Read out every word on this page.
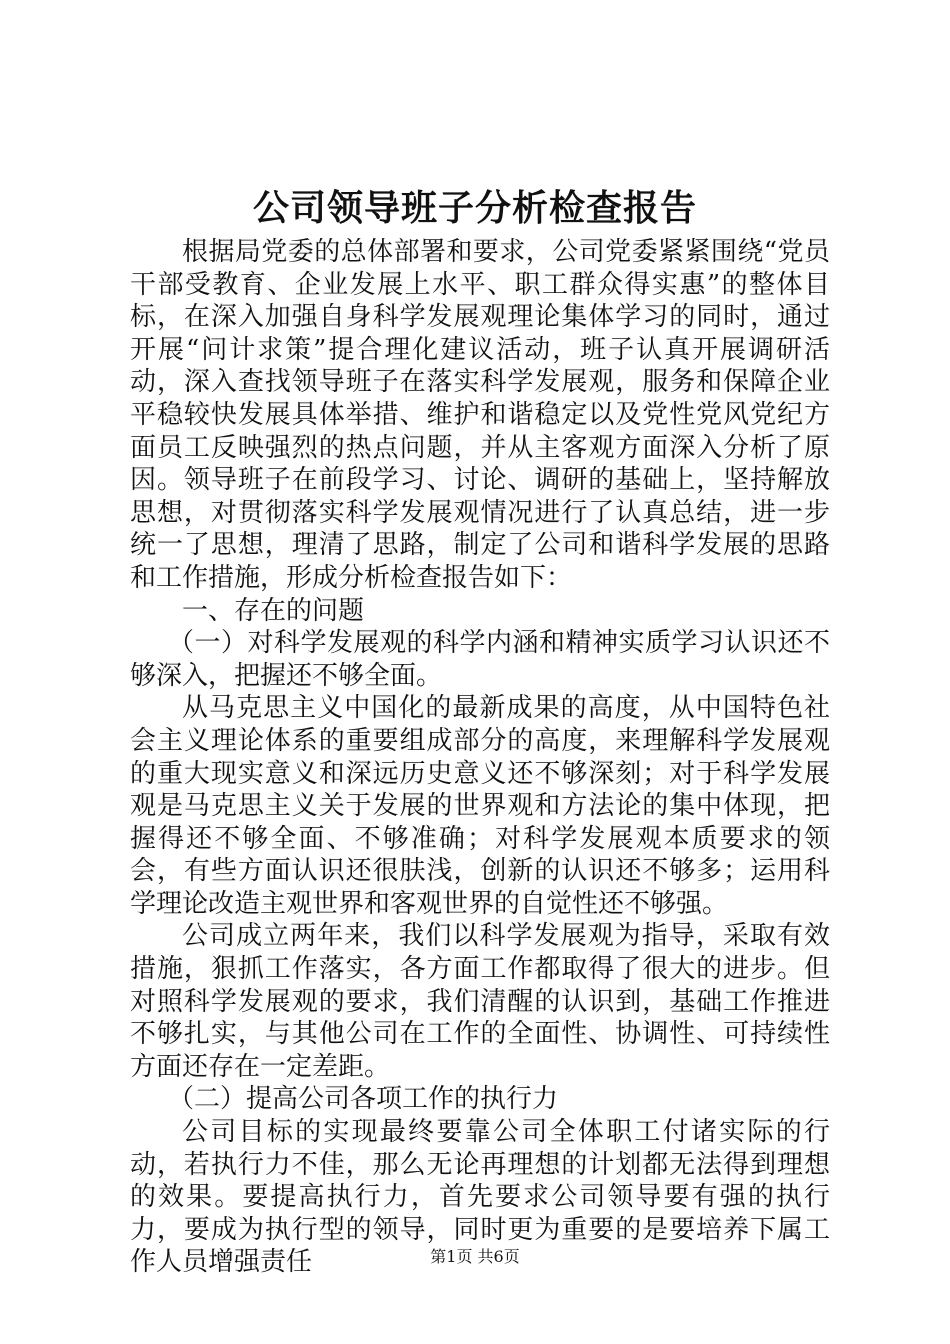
公司领导班子分析检查报告

根据局党委的总体部署和要求，公司党委紧紧围绕“党员干部受教育、企业发展上水平、职工群众得实惠”的整体目标，在深入加强自身科学发展观理论集体学习的同时，通过开展“问计求策”提合理化建议活动，班子认真开展调研活动，深入查找领导班子在落实科学发展观，服务和保障企业平稳较快发展具体举措、维护和谐稳定以及党性党风党纪方面员工反映强烈的热点问题，并从主客观方面深入分析了原因。领导班子在前段学习、讨论、调研的基础上，坚持解放思想，对贯彻落实科学发展观情况进行了认真总结，进一步统一了思想，理清了思路，制定了公司和谐科学发展的思路和工作措施，形成分析检查报告如下：

一、存在的问题

（一）对科学发展观的科学内涵和精神实质学习认识还不够深入，把握还不够全面。

从马克思主义中国化的最新成果的高度，从中国特色社会主义理论体系的重要组成部分的高度，来理解科学发展观的重大现实意义和深远历史意义还不够深刻；对于科学发展观是马克思主义关于发展的世界观和方法论的集中体现，把握得还不够全面、不够准确；对科学发展观本质要求的领会，有些方面认识还很肤浅，创新的认识还不够多；运用科学理论改造主观世界和客观世界的自觉性还不够强。

公司成立两年来，我们以科学发展观为指导，采取有效措施，狠抓工作落实，各方面工作都取得了很大的进步。但对照科学发展观的要求，我们清醒的认识到，基础工作推进不够扎实，与其他公司在工作的全面性、协调性、可持续性方面还存在一定差距。

（二）提高公司各项工作的执行力

公司目标的实现最终要靠公司全体职工付诸实际的行动，若执行力不佳，那么无论再理想的计划都无法得到理想的效果。要提高执行力，首先要求公司领导要有强的执行力，要成为执行型的领导，同时更为重要的是要培养下属工作人员增强责任	第1页 共6页
